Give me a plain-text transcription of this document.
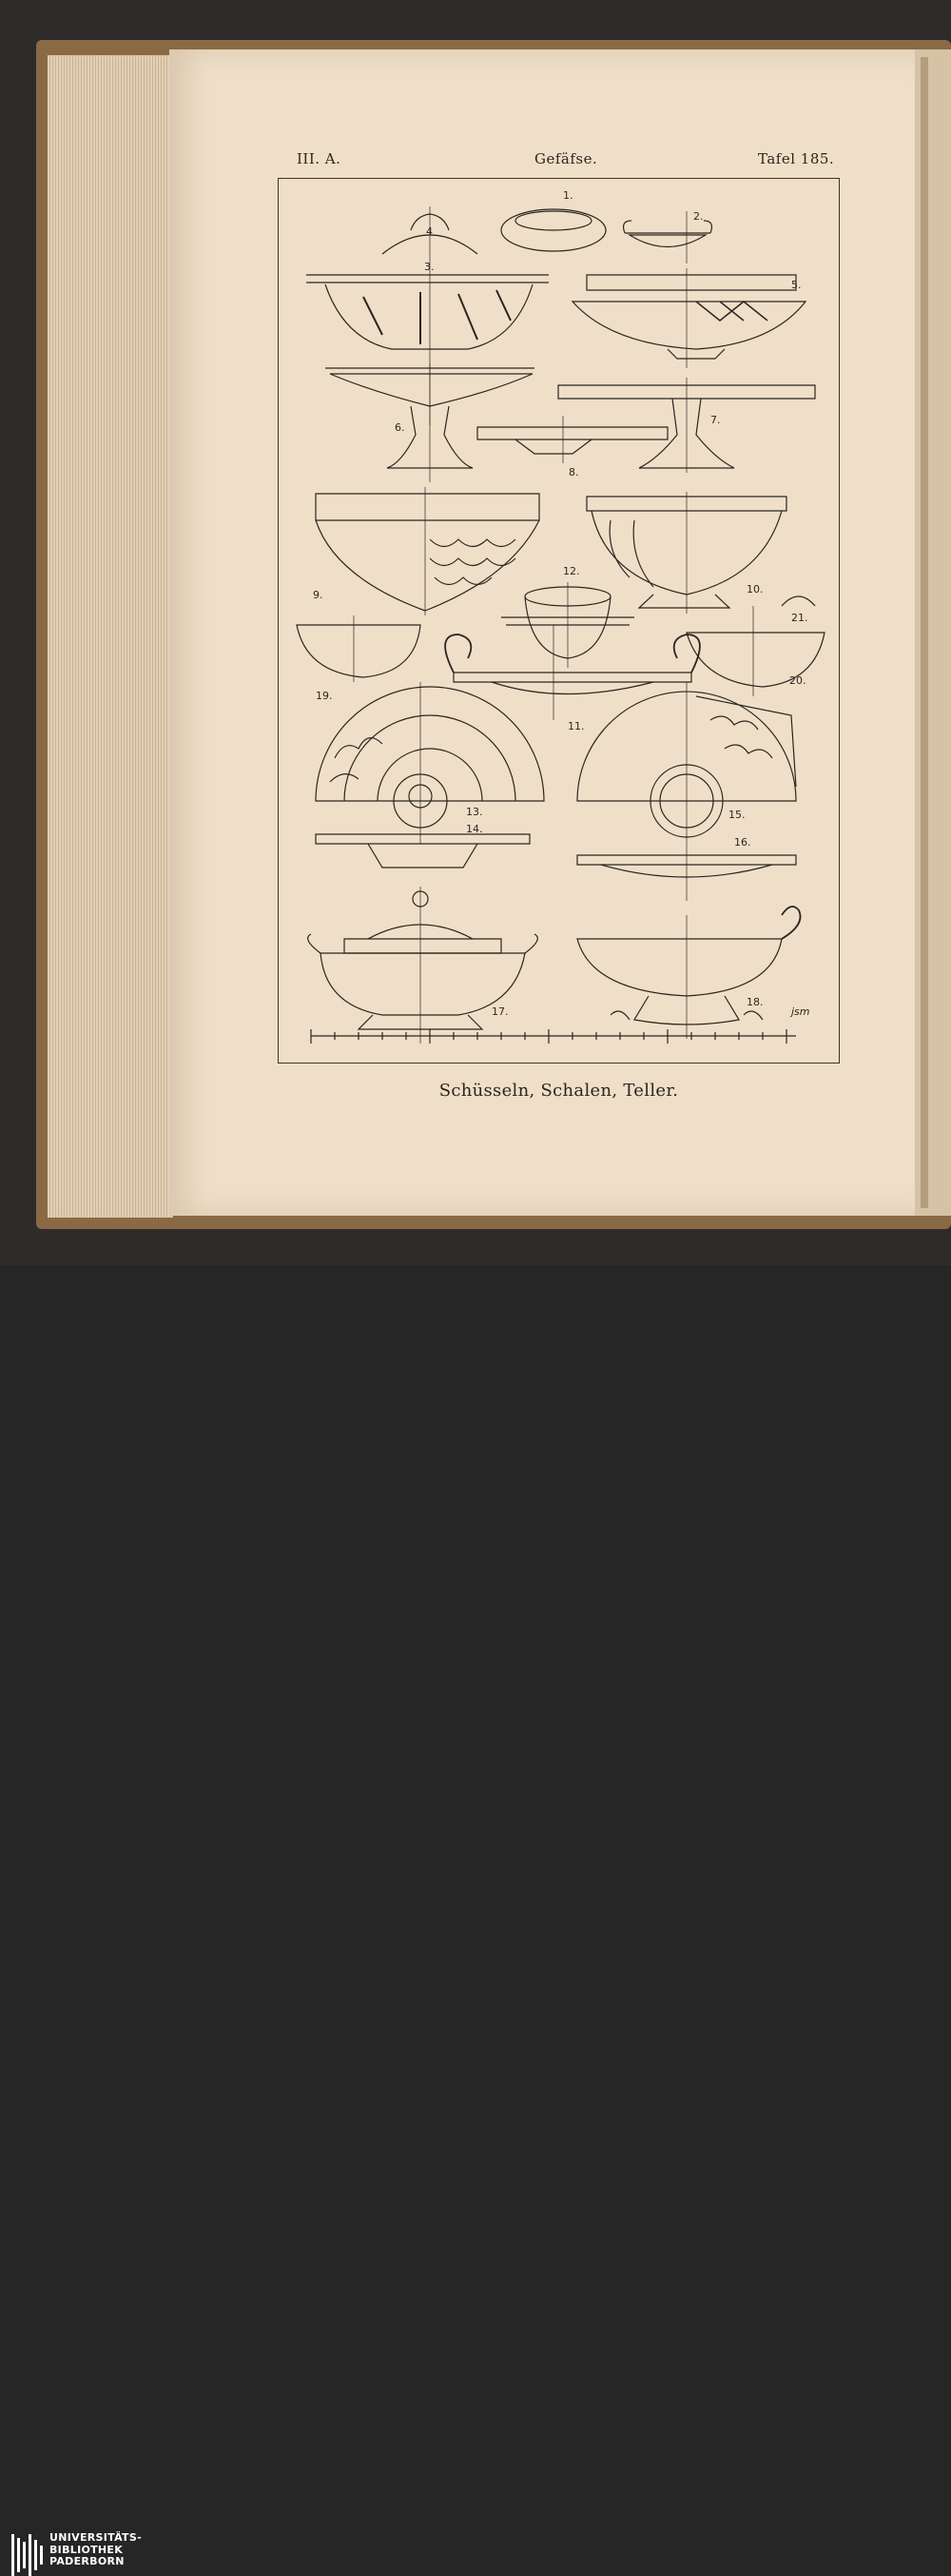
III. A.	Gefäfse.	Tafel 185.
1.
2.
3.
4
5.
6.
7.
8.
9.	10.
11.
12.
13.
14.
15.
16.
17.
18.
19.
20.
21.
jsm
Schüsseln, Schalen, Teller.
UNIVERSITÄTS-
BIBLIOTHEK
PADERBORN
